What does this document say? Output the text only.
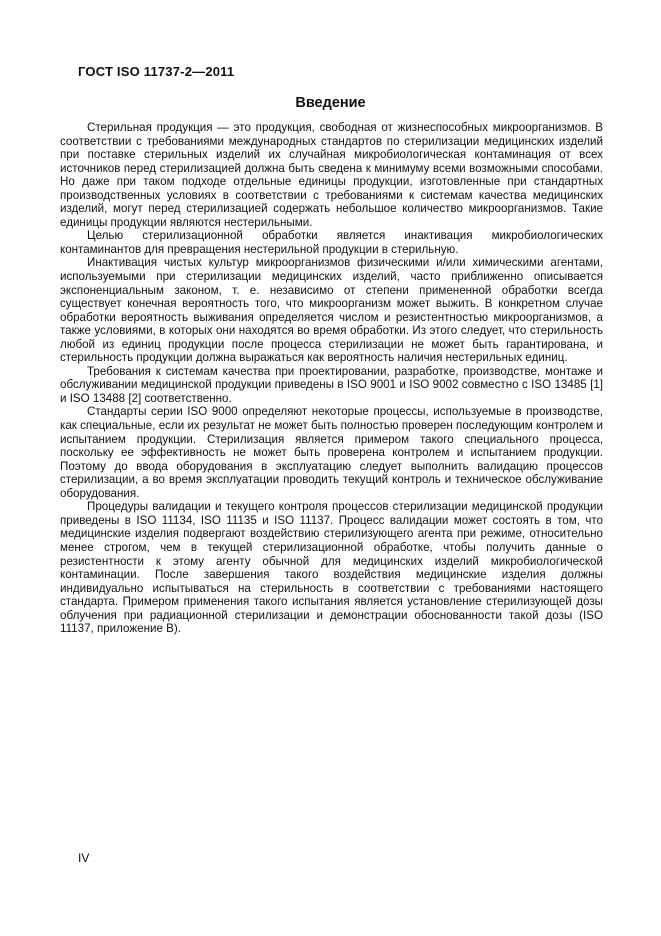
ГОСТ ISO 11737-2—2011
Введение

Стерильная продукция — это продукция, свободная от жизнеспособных микроорганизмов. В соответствии с требованиями международных стандартов по стерилизации медицинских изделий при поставке стерильных изделий их случайная микробиологическая контаминация от всех источников перед стерилизацией должна быть сведена к минимуму всеми возможными способами. Но даже при таком подходе отдельные единицы продукции, изготовленные при стандартных производственных условиях в соответствии с требованиями к системам качества медицинских изделий, могут перед стерилизацией содержать небольшое количество микроорганизмов. Такие единицы продукции являются нестерильными.

Целью стерилизационной обработки является инактивация микробиологических контаминантов для превращения нестерильной продукции в стерильную.

Инактивация чистых культур микроорганизмов физическими и/или химическими агентами, используемыми при стерилизации медицинских изделий, часто приближенно описывается экспоненциальным законом, т. е. независимо от степени примененной обработки всегда существует конечная вероятность того, что микроорганизм может выжить. В конкретном случае обработки вероятность выживания определяется числом и резистентностью микроорганизмов, а также условиями, в которых они находятся во время обработки. Из этого следует, что стерильность любой из единиц продукции после процесса стерилизации не может быть гарантирована, и стерильность продукции должна выражаться как вероятность наличия нестерильных единиц.

Требования к системам качества при проектировании, разработке, производстве, монтаже и обслуживании медицинской продукции приведены в ISO 9001 и ISO 9002 совместно с ISO 13485 [1] и ISO 13488 [2] соответственно.

Стандарты серии ISO 9000 определяют некоторые процессы, используемые в производстве, как специальные, если их результат не может быть полностью проверен последующим контролем и испытанием продукции. Стерилизация является примером такого специального процесса, поскольку ее эффективность не может быть проверена контролем и испытанием продукции. Поэтому до ввода оборудования в эксплуатацию следует выполнить валидацию процессов стерилизации, а во время эксплуатации проводить текущий контроль и техническое обслуживание оборудования.

Процедуры валидации и текущего контроля процессов стерилизации медицинской продукции приведены в ISO 11134, ISO 11135 и ISO 11137. Процесс валидации может состоять в том, что медицинские изделия подвергают воздействию стерилизующего агента при режиме, относительно менее строгом, чем в текущей стерилизационной обработке, чтобы получить данные о резистентности к этому агенту обычной для медицинских изделий микробиологической контаминации. После завершения такого воздействия медицинские изделия должны индивидуально испытываться на стерильность в соответствии с требованиями настоящего стандарта. Примером применения такого испытания является установление стерилизующей дозы облучения при радиационной стерилизации и демонстрации обоснованности такой дозы (ISO 11137, приложение B).

IV
